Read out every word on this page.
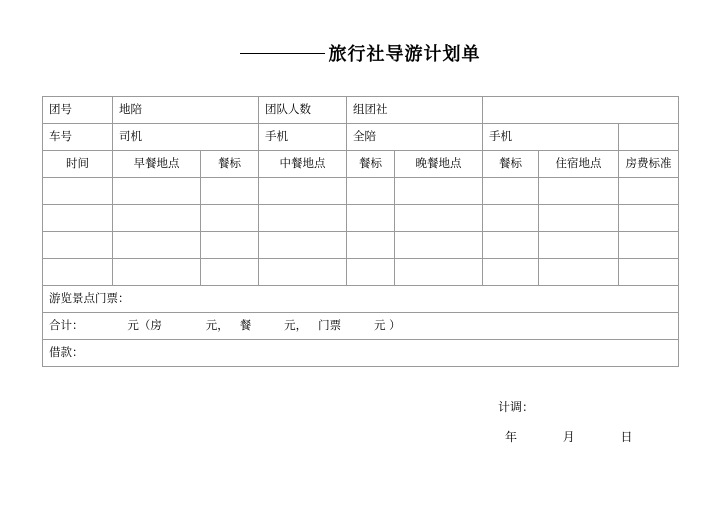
旅行社导游计划单
团号	地陪		团队人数	组团社				
车号	司机		手机	全陪		手机		
时间	早餐地点	餐标	中餐地点	餐标	晚餐地点	餐标	住宿地点	房费标准

游览景点门票：								
合计：            元（房            元，   餐         元，   门票         元 ）								
借款：								
计调：
年            月            日
